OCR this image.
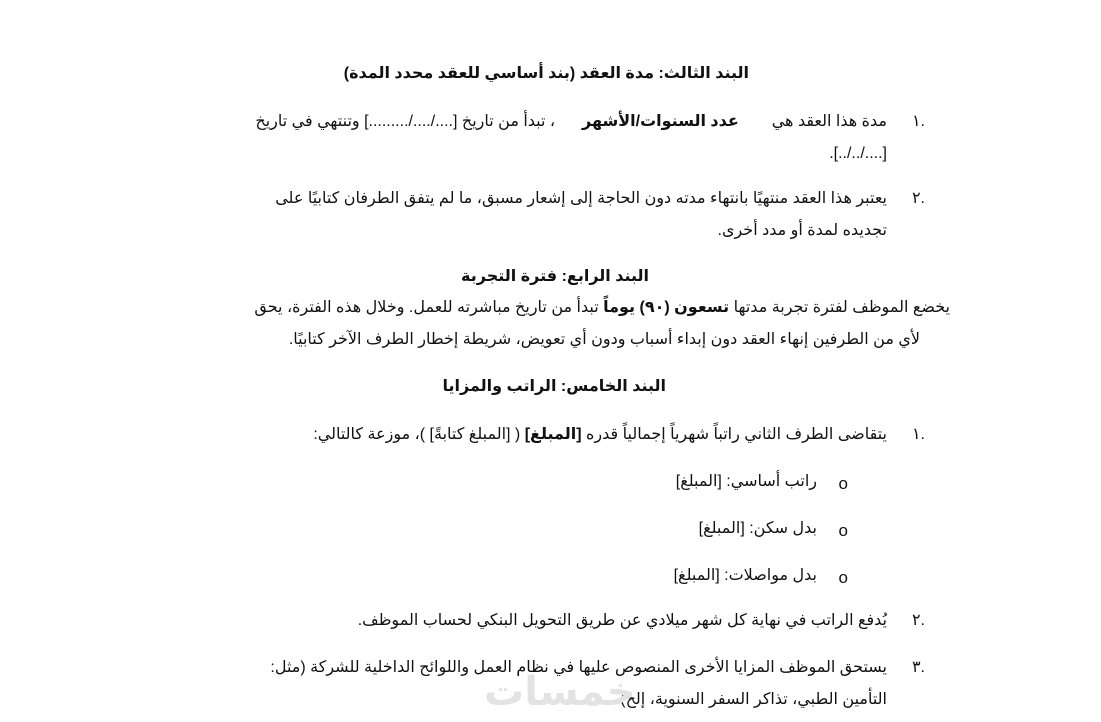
البند الثالث: مدة العقد (بند أساسي للعقد محدد المدة)
.١
مدة هذا العقد هي  عدد السنوات/الأشهر  ، تبدأ من تاريخ [..../..../.........] وتنتهي في تاريخ
[..../../..].
.٢
يعتبر هذا العقد منتهيًا بانتهاء مدته دون الحاجة إلى إشعار مسبق، ما لم يتفق الطرفان كتابيًا على
تجديده لمدة أو مدد أخرى.
البند الرابع: فترة التجربة
يخضع الموظف لفترة تجربة مدتها تسعون (٩٠) يوماً تبدأ من تاريخ مباشرته للعمل. وخلال هذه الفترة، يحق
لأي من الطرفين إنهاء العقد دون إبداء أسباب ودون أي تعويض، شريطة إخطار الطرف الآخر كتابيًا.
البند الخامس: الراتب والمزايا
.١
يتقاضى الطرف الثاني راتباً شهرياً إجمالياً قدره [المبلغ] ( [المبلغ كتابةً] )، موزعة كالتالي:
o
راتب أساسي: [المبلغ]
o
بدل سكن: [المبلغ]
o
بدل مواصلات: [المبلغ]
.٢
يُدفع الراتب في نهاية كل شهر ميلادي عن طريق التحويل البنكي لحساب الموظف.
.٣
يستحق الموظف المزايا الأخرى المنصوص عليها في نظام العمل واللوائح الداخلية للشركة (مثل:
التأمين الطبي، تذاكر السفر السنوية، إلخ).
خمسات
